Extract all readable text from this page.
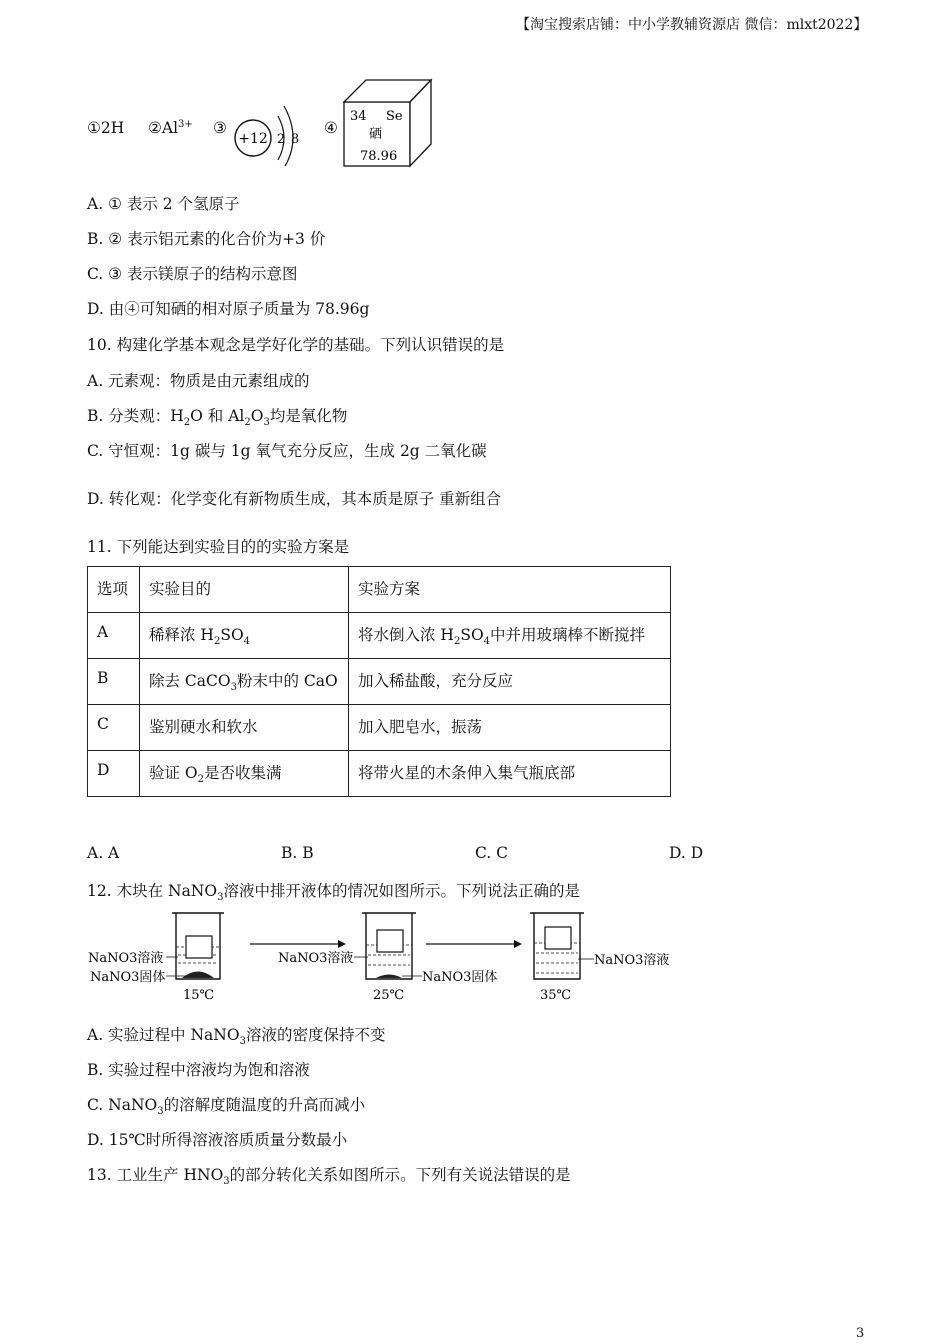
【淘宝搜索店铺：中小学教辅资源店 微信：mlxt2022】
①2H $②Al^{3+}$ ③
+12 2 8
④
34 Se
硒
78.96
A. ① 表示 2 个氢原子
B. ② 表示铝元素的化合价为+3 价
C. ③ 表示镁原子的结构示意图
D. 由④可知硒的相对原子质量为 78.96g
10. 构建化学基本观念是学好化学的基础。下列认识错误的是
A. 元素观：物质是由元素组成的
B. 分类观：$H_2O$ 和 $Al_2O_3$均是氧化物
C. 守恒观：1g 碳与 1g 氧气充分反应，生成 2g 二氧化碳
D. 转化观：化学变化有新物质生成，其本质是原子 重新组合
11. 下列能达到实验目的的实验方案是
选项	实验目的	实验方案
A	稀释浓 $H_2SO_4$	将水倒入浓 $H_2SO_4$中并用玻璃棒不断搅拌
B	除去 CaCO$_3$粉末中的 CaO	加入稀盐酸，充分反应
C	鉴别硬水和软水	加入肥皂水，振荡
D	验证 $O_2$是否收集满	将带火星的木条伸入集气瓶底部
A. A	B. B	C. C	D. D
12. 木块在 NaNO$_3$溶液中排开液体的情况如图所示。下列说法正确的是
NaNO3溶液
NaNO3固体
15℃
NaNO3溶液
NaNO3固体
25℃
NaNO3溶液
35℃
A. 实验过程中 NaNO$_3$溶液的密度保持不变
B. 实验过程中溶液均为饱和溶液
C. NaNO$_3$的溶解度随温度的升高而减小
D. 15℃时所得溶液溶质质量分数最小
13. 工业生产 $HNO_3$的部分转化关系如图所示。下列有关说法错误的是
3
